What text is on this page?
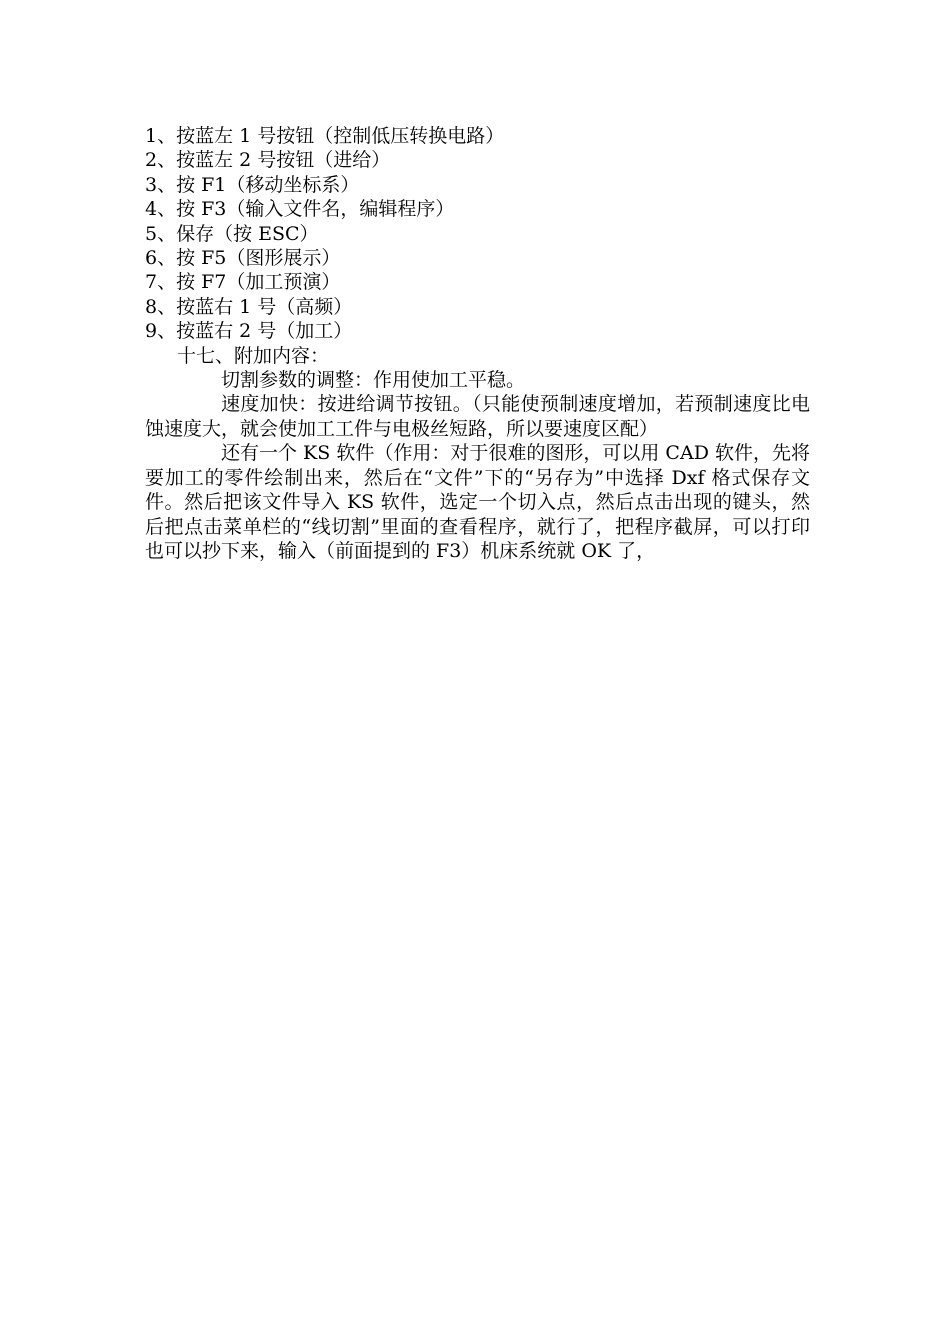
1、按蓝左 1 号按钮（控制低压转换电路）
2、按蓝左 2 号按钮（进给）
3、按 F1（移动坐标系）
4、按 F3（输入文件名，编辑程序）
5、保存（按 ESC）
6、按 F5（图形展示）
7、按 F7（加工预演）
8、按蓝右 1 号（高频）
9、按蓝右 2 号（加工）
十七、附加内容：
切割参数的调整：作用使加工平稳。
速度加快：按进给调节按钮。（只能使预制速度增加，若预制速度比电蚀速度大，就会使加工工件与电极丝短路，所以要速度区配）
还有一个 KS 软件（作用：对于很难的图形，可以用 CAD 软件，先将要加工的零件绘制出来，然后在“文件”下的“另存为”中选择 Dxf 格式保存文件。然后把该文件导入 KS 软件，选定一个切入点，然后点击出现的键头，然后把点击菜单栏的“线切割”里面的查看程序，就行了，把程序截屏，可以打印也可以抄下来，输入（前面提到的 F3）机床系统就 OK 了，
